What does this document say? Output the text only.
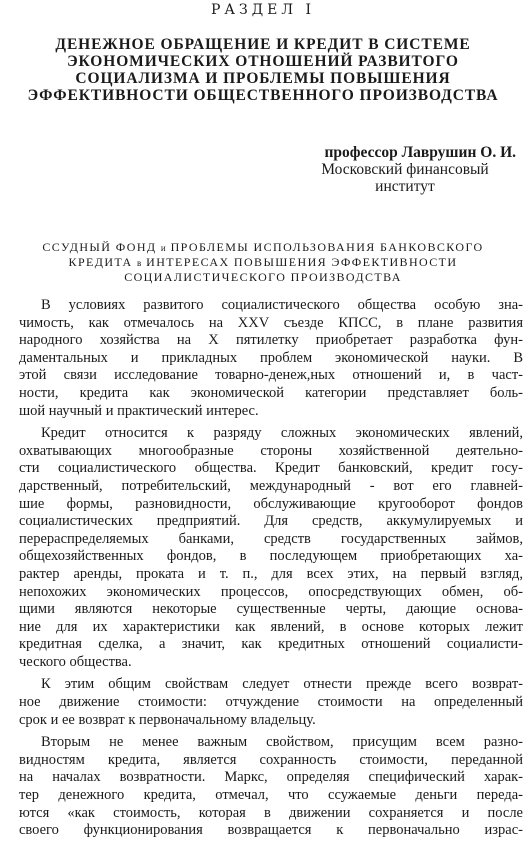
РАЗДЕЛ I
ДЕНЕЖНОЕ ОБРАЩЕНИЕ И КРЕДИТ В СИСТЕМЕ
ЭКОНОМИЧЕСКИХ ОТНОШЕНИЙ РАЗВИТОГО
СОЦИАЛИЗМА И ПРОБЛЕМЫ ПОВЫШЕНИЯ
ЭФФЕКТИВНОСТИ ОБЩЕСТВЕННОГО ПРОИЗВОДСТВА
профессор Лаврушин О. И.
Московский финансовый
институт
ССУДНЫЙ ФОНД и ПРОБЛЕМЫ ИСПОЛЬЗОВАНИЯ БАНКОВСКОГО
КРЕДИТА в ИНТЕРЕСАХ ПОВЫШЕНИЯ ЭФФЕКТИВНОСТИ
СОЦИАЛИСТИЧЕСКОГО ПРОИЗВОДСТВА
В условиях развитого социалистического общества особую зна-
чимость, как отмечалось на XXV съезде КПСС, в плане развития
народного хозяйства на X пятилетку приобретает разработка фун-
даментальных и прикладных проблем экономической науки. В
этой связи исследование товарно-денеж,ных отношений и, в част-
ности, кредита как экономической категории представляет боль-
шой научный и практический интерес.
Кредит относится к разряду сложных экономических явлений,
охватывающих многообразные стороны хозяйственной деятельно-
сти социалистического общества. Кредит банковский, кредит госу-
дарственный, потребительский, международный - вот его главней-
шие формы, разновидности, обслуживающие кругооборот фондов
социалистических предприятий. Для средств, аккумулируемых и
перераспределяемых банками, средств государственных займов,
общехозяйственных фондов, в последующем приобретающих ха-
рактер аренды, проката и т. п., для всех этих, на первый взгляд,
непохожих экономических процессов, опосредствующих обмен, об-
щими являются некоторые существенные черты, дающие основа-
ние для их характеристики как явлений, в основе которых лежит
кредитная сделка, а значит, как кредитных отношений социалисти-
ческого общества.
К этим общим свойствам следует отнести прежде всего возврат-
ное движение стоимости: отчуждение стоимости на определенный
срок и ее возврат к первоначальному владельцу.
Вторым не менее важным свойством, присущим всем разно-
видностям кредита, является сохранность стоимости, переданной
на началах возвратности. Маркс, определяя специфический харак-
тер денежного кредита, отмечал, что ссужаемые деньги переда-
ются «как стоимость, которая в движении сохраняется и после
своего функционирования возвращается к первоначально израс-
